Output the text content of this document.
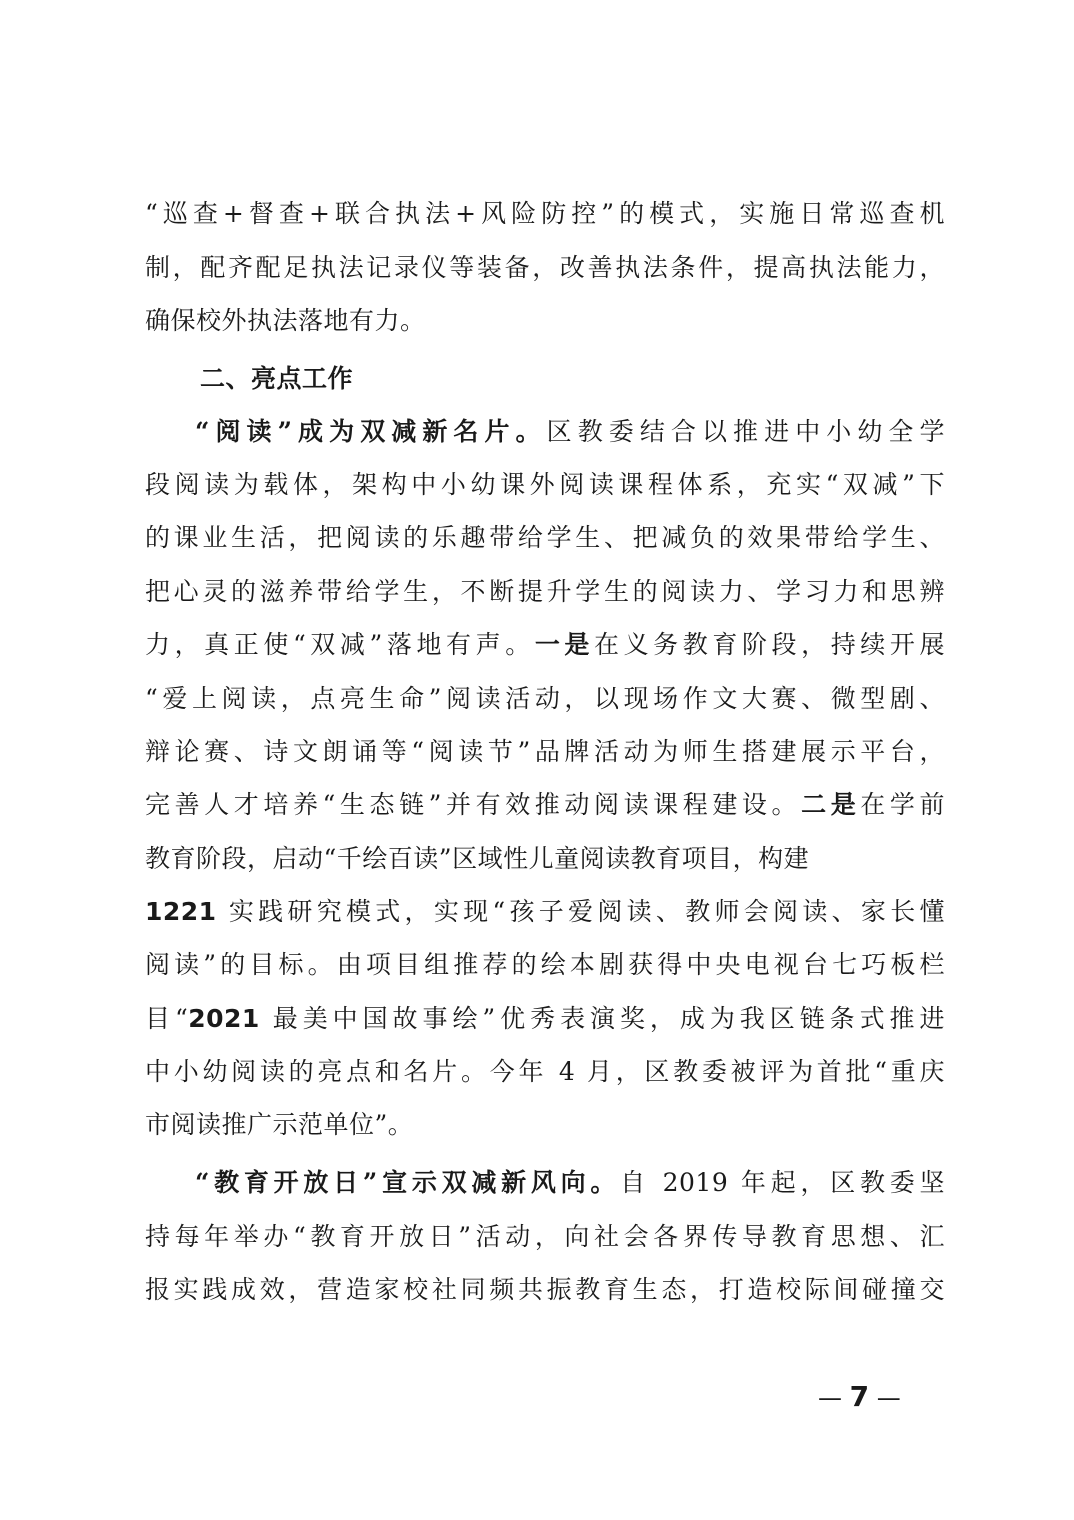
“巡查+督查+联合执法+风险防控”的模式，实施日常巡查机
制，配齐配足执法记录仪等装备，改善执法条件，提高执法能力，
确保校外执法落地有力。
二、亮点工作
“阅读”成为双减新名片。区教委结合以推进中小幼全学
段阅读为载体，架构中小幼课外阅读课程体系，充实“双减”下
的课业生活，把阅读的乐趣带给学生、把减负的效果带给学生、
把心灵的滋养带给学生，不断提升学生的阅读力、学习力和思辨
力，真正使“双减”落地有声。一是在义务教育阶段，持续开展
“爱上阅读，点亮生命”阅读活动，以现场作文大赛、微型剧、
辩论赛、诗文朗诵等“阅读节”品牌活动为师生搭建展示平台，
完善人才培养“生态链”并有效推动阅读课程建设。二是在学前
教育阶段，启动“千绘百读”区域性儿童阅读教育项目，构建
1221 实践研究模式，实现“孩子爱阅读、教师会阅读、家长懂
阅读”的目标。由项目组推荐的绘本剧获得中央电视台七巧板栏
目“2021 最美中国故事绘”优秀表演奖，成为我区链条式推进
中小幼阅读的亮点和名片。今年 4 月，区教委被评为首批“重庆
市阅读推广示范单位”。
“教育开放日”宣示双减新风向。自 2019 年起，区教委坚
持每年举办“教育开放日”活动，向社会各界传导教育思想、汇
报实践成效，营造家校社同频共振教育生态，打造校际间碰撞交
— 7 —
